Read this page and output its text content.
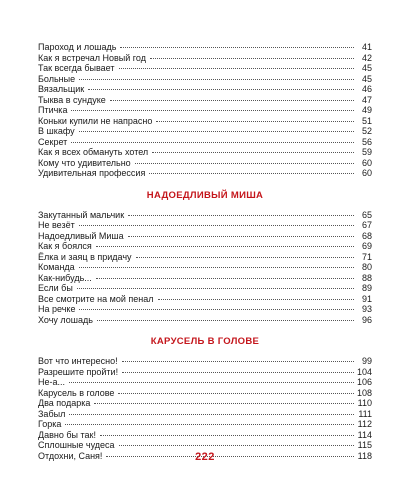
Пароход и лошадь	41
Как я встречал Новый год	42
Так всегда бывает	45
Больные	45
Вязальщик	46
Тыква в сундуке	47
Птичка	49
Коньки купили не напрасно	51
В шкафу	52
Секрет	56
Как я всех обмануть хотел	59
Кому что удивительно	60
Удивительная профессия	60
НАДОЕДЛИВЫЙ МИША
Закутанный мальчик	65
Не везёт	67
Надоедливый Миша	68
Как я боялся	69
Ёлка и заяц в придачу	71
Команда	80
Как-нибудь...	88
Если бы	89
Все смотрите на мой пенал	91
На речке	93
Хочу лошадь	96
КАРУСЕЛЬ В ГОЛОВЕ
Вот что интересно!	99
Разрешите пройти!	104
Не-а...	106
Карусель в голове	108
Два подарка	110
Забыл	111
Горка	112
Давно бы так!	114
Сплошные чудеса	115
Отдохни, Саня!	118
222
